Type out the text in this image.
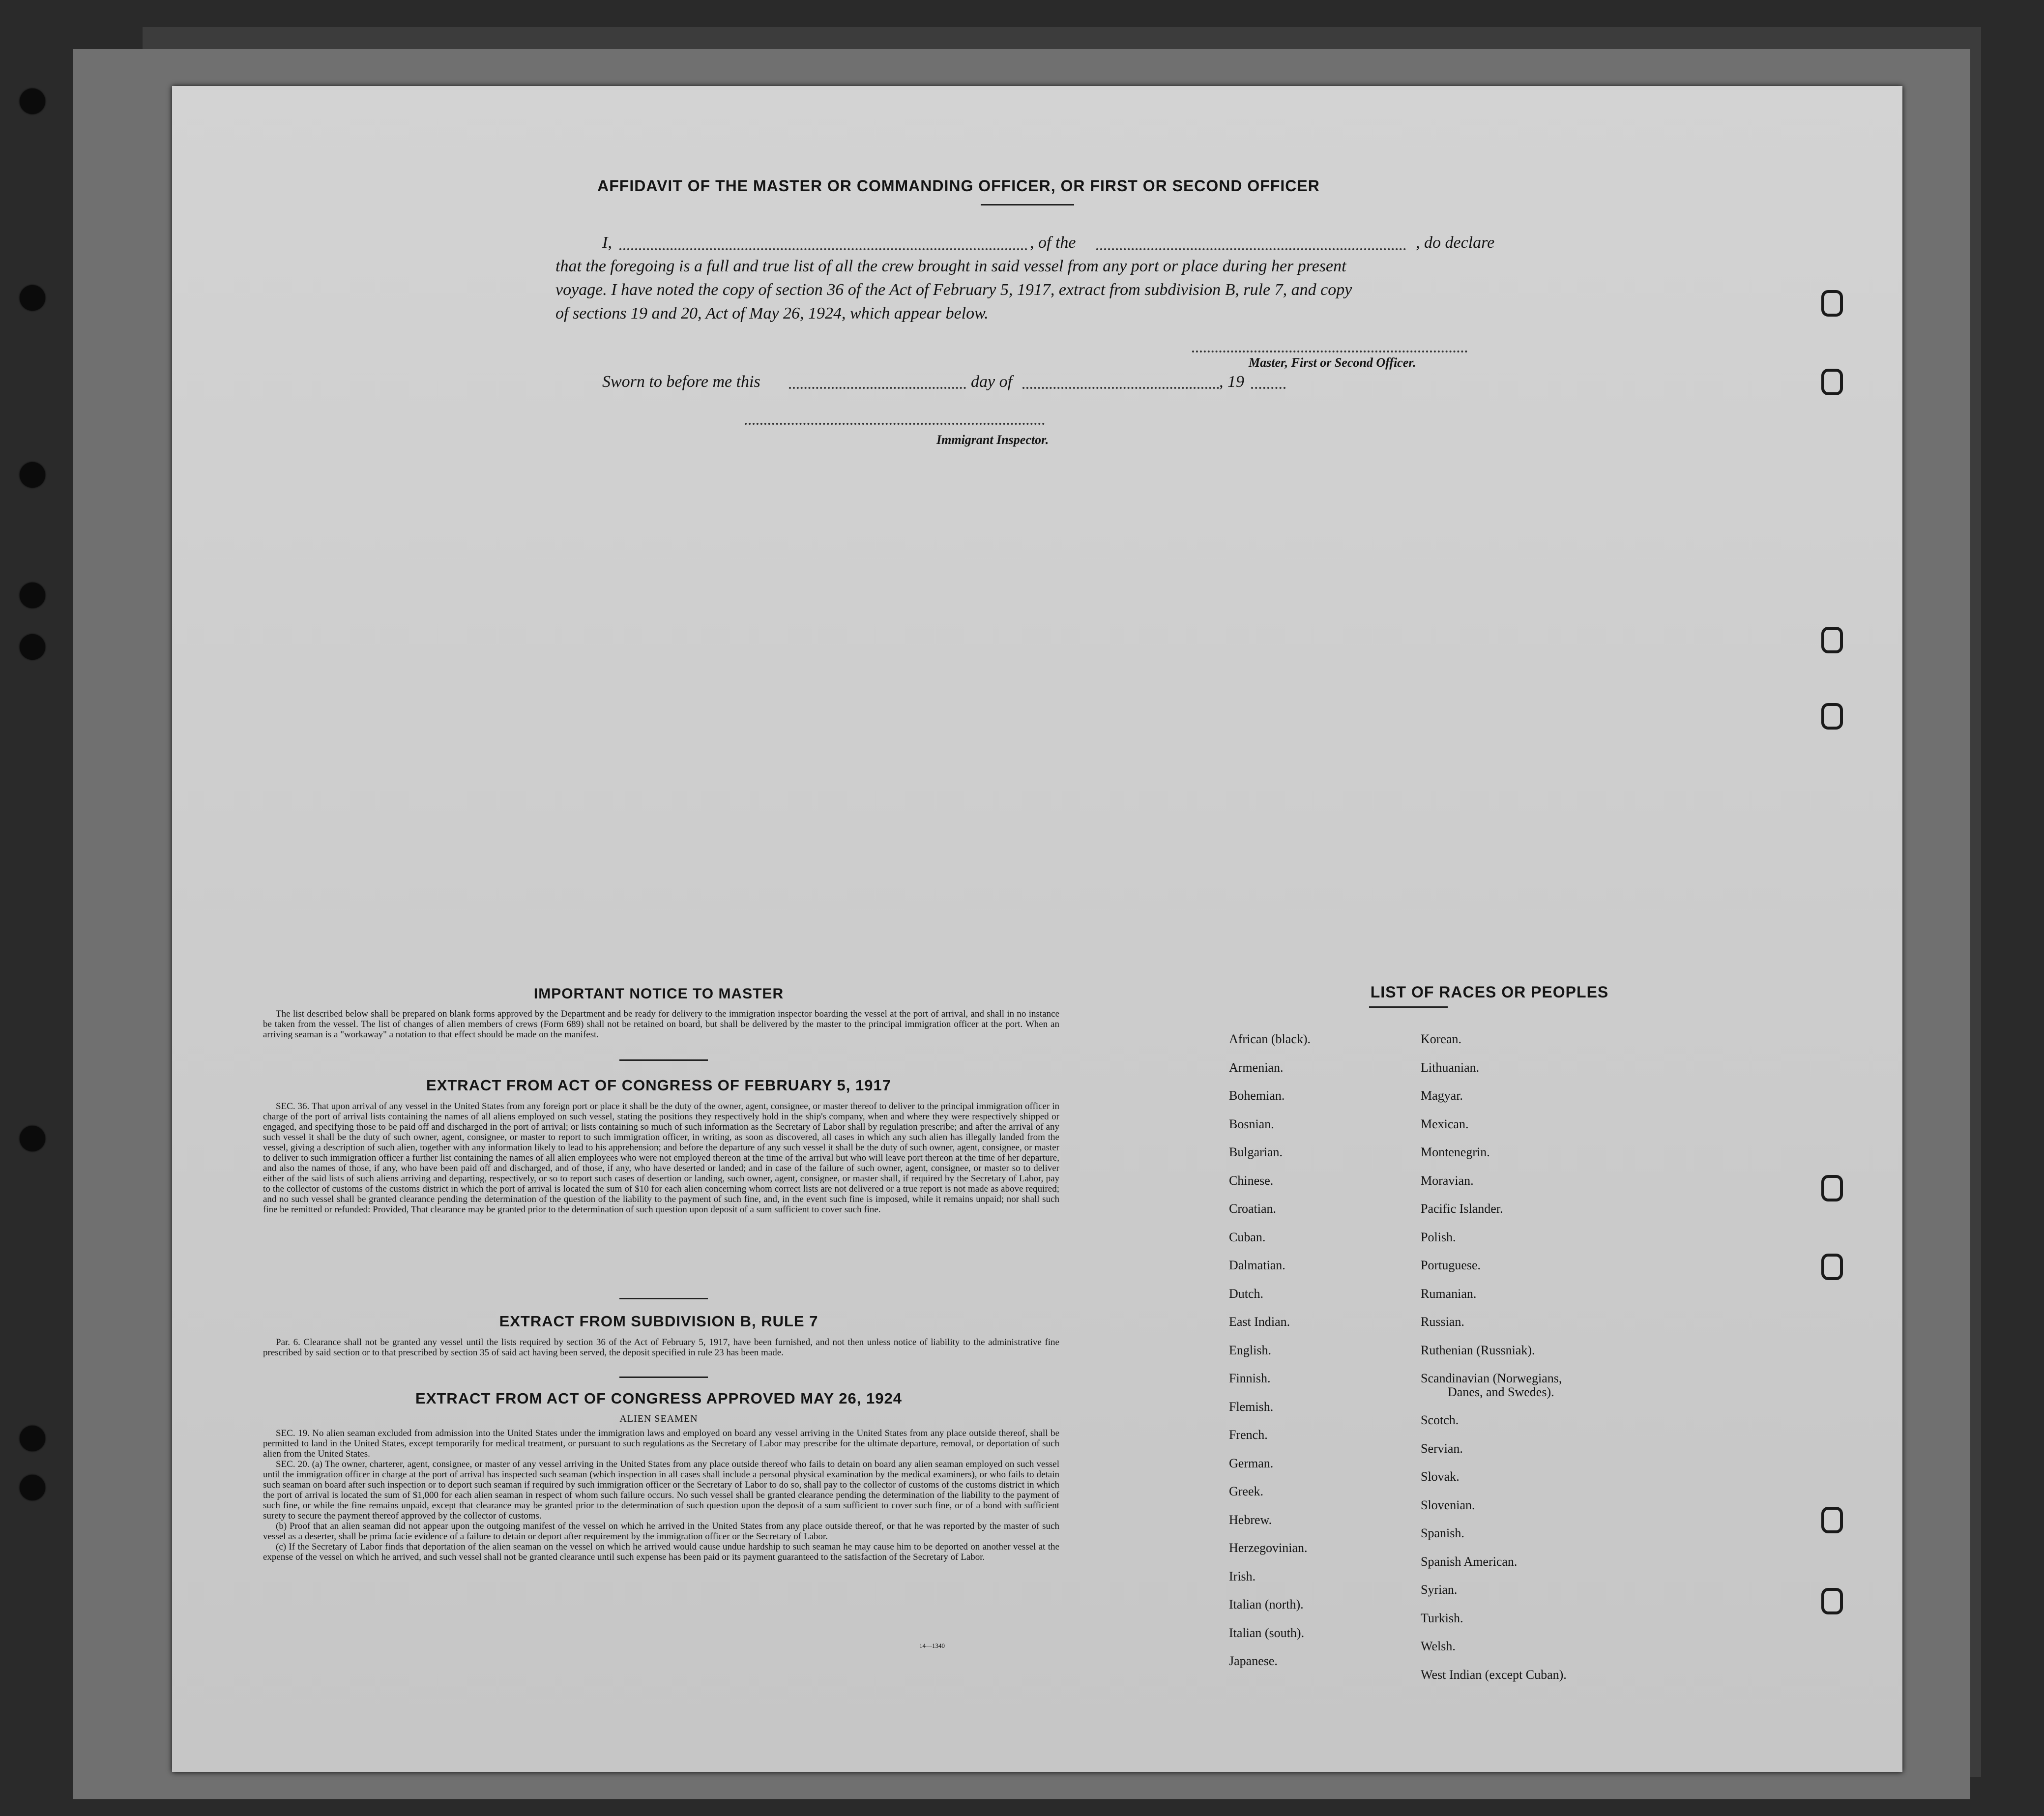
AFFIDAVIT OF THE MASTER OR COMMANDING OFFICER, OR FIRST OR SECOND OFFICER
I,	, of the	, do declare
that the foregoing is a full and true list of all the crew brought in said vessel from any port or place during her present
voyage. I have noted the copy of section 36 of the Act of February 5, 1917, extract from subdivision B, rule 7, and copy
of sections 19 and 20, Act of May 26, 1924, which appear below.
Master, First or Second Officer.
Sworn to before me this	day of	, 19
Immigrant Inspector.
IMPORTANT NOTICE TO MASTER

The list described below shall be prepared on blank forms approved by the Department and be ready for delivery to the immigration inspector boarding the vessel at the port of arrival, and shall in no instance be taken from the vessel. The list of changes of alien members of crews (Form 689) shall not be retained on board, but shall be delivered by the master to the principal immigration officer at the port. When an arriving seaman is a "workaway" a notation to that effect should be made on the manifest.

EXTRACT FROM ACT OF CONGRESS OF FEBRUARY 5, 1917

SEC. 36. That upon arrival of any vessel in the United States from any foreign port or place it shall be the duty of the owner, agent, consignee, or master thereof to deliver to the principal immigration officer in charge of the port of arrival lists containing the names of all aliens employed on such vessel, stating the positions they respectively hold in the ship's company, when and where they were respectively shipped or engaged, and specifying those to be paid off and discharged in the port of arrival; or lists containing so much of such information as the Secretary of Labor shall by regulation prescribe; and after the arrival of any such vessel it shall be the duty of such owner, agent, consignee, or master to report to such immigration officer, in writing, as soon as discovered, all cases in which any such alien has illegally landed from the vessel, giving a description of such alien, together with any information likely to lead to his apprehension; and before the departure of any such vessel it shall be the duty of such owner, agent, consignee, or master to deliver to such immigration officer a further list containing the names of all alien employees who were not employed thereon at the time of the arrival but who will leave port thereon at the time of her departure, and also the names of those, if any, who have been paid off and discharged, and of those, if any, who have deserted or landed; and in case of the failure of such owner, agent, consignee, or master so to deliver either of the said lists of such aliens arriving and departing, respectively, or so to report such cases of desertion or landing, such owner, agent, consignee, or master shall, if required by the Secretary of Labor, pay to the collector of customs of the customs district in which the port of arrival is located the sum of $10 for each alien concerning whom correct lists are not delivered or a true report is not made as above required; and no such vessel shall be granted clearance pending the determination of the question of the liability to the payment of such fine, and, in the event such fine is imposed, while it remains unpaid; nor shall such fine be remitted or refunded: Provided, That clearance may be granted prior to the determination of such question upon deposit of a sum sufficient to cover such fine.

EXTRACT FROM SUBDIVISION B, RULE 7

Par. 6. Clearance shall not be granted any vessel until the lists required by section 36 of the Act of February 5, 1917, have been furnished, and not then unless notice of liability to the administrative fine prescribed by said section or to that prescribed by section 35 of said act having been served, the deposit specified in rule 23 has been made.

EXTRACT FROM ACT OF CONGRESS APPROVED MAY 26, 1924
ALIEN SEAMEN

SEC. 19. No alien seaman excluded from admission into the United States under the immigration laws and employed on board any vessel arriving in the United States from any place outside thereof, shall be permitted to land in the United States, except temporarily for medical treatment, or pursuant to such regulations as the Secretary of Labor may prescribe for the ultimate departure, removal, or deportation of such alien from the United States.

SEC. 20. (a) The owner, charterer, agent, consignee, or master of any vessel arriving in the United States from any place outside thereof who fails to detain on board any alien seaman employed on such vessel until the immigration officer in charge at the port of arrival has inspected such seaman (which inspection in all cases shall include a personal physical examination by the medical examiners), or who fails to detain such seaman on board after such inspection or to deport such seaman if required by such immigration officer or the Secretary of Labor to do so, shall pay to the collector of customs of the customs district in which the port of arrival is located the sum of $1,000 for each alien seaman in respect of whom such failure occurs. No such vessel shall be granted clearance pending the determination of the liability to the payment of such fine, or while the fine remains unpaid, except that clearance may be granted prior to the determination of such question upon the deposit of a sum sufficient to cover such fine, or of a bond with sufficient surety to secure the payment thereof approved by the collector of customs.

(b) Proof that an alien seaman did not appear upon the outgoing manifest of the vessel on which he arrived in the United States from any place outside thereof, or that he was reported by the master of such vessel as a deserter, shall be prima facie evidence of a failure to detain or deport after requirement by the immigration officer or the Secretary of Labor.

(c) If the Secretary of Labor finds that deportation of the alien seaman on the vessel on which he arrived would cause undue hardship to such seaman he may cause him to be deported on another vessel at the expense of the vessel on which he arrived, and such vessel shall not be granted clearance until such expense has been paid or its payment guaranteed to the satisfaction of the Secretary of Labor.

14—1340
LIST OF RACES OR PEOPLES
African (black).
Armenian.
Bohemian.
Bosnian.
Bulgarian.
Chinese.
Croatian.
Cuban.
Dalmatian.
Dutch.
East Indian.
English.
Finnish.
Flemish.
French.
German.
Greek.
Hebrew.
Herzegovinian.
Irish.
Italian (north).
Italian (south).
Japanese.
Korean.
Lithuanian.
Magyar.
Mexican.
Montenegrin.
Moravian.
Pacific Islander.
Polish.
Portuguese.
Rumanian.
Russian.
Ruthenian (Russniak).
Scandinavian (Norwegians,
Danes, and Swedes).
Scotch.
Servian.
Slovak.
Slovenian.
Spanish.
Spanish American.
Syrian.
Turkish.
Welsh.
West Indian (except Cuban).
